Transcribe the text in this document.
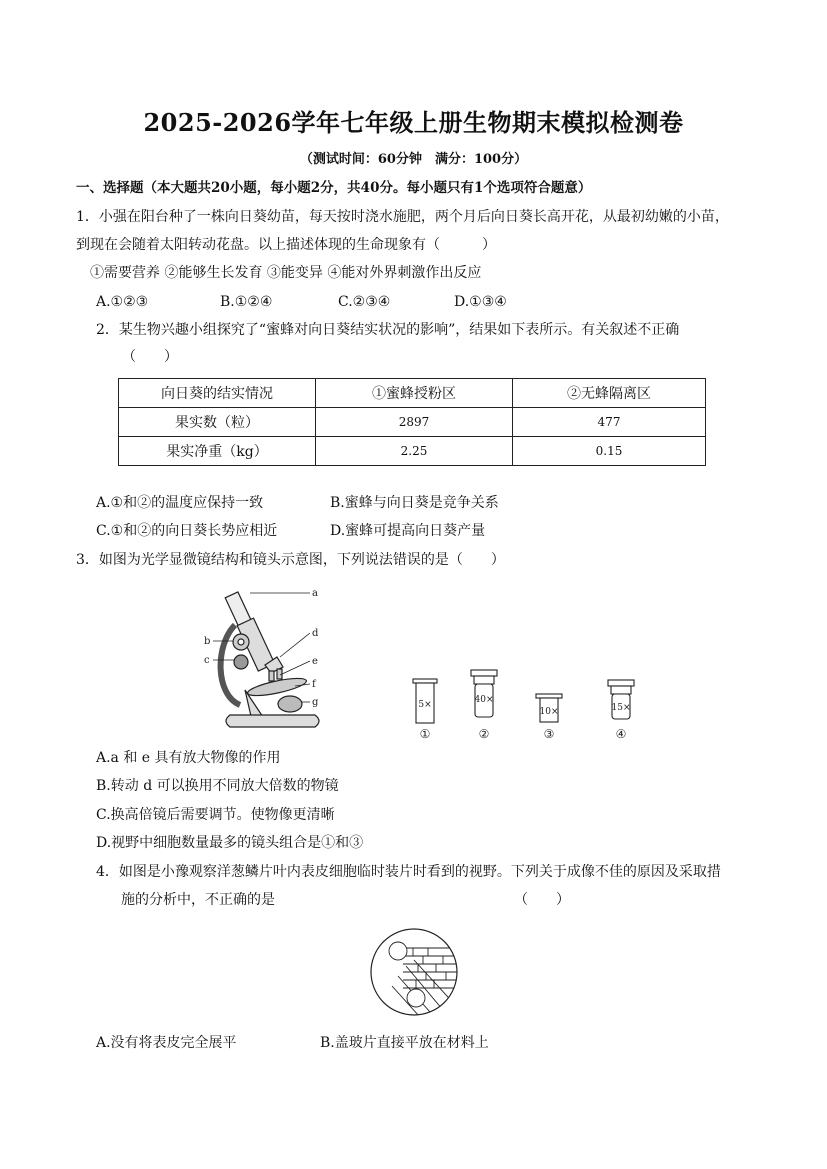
2025-2026学年七年级上册生物期末模拟检测卷
（测试时间：60分钟　满分：100分）
一、选择题（本大题共20小题，每小题2分，共40分。每小题只有1个选项符合题意）
1．小强在阳台种了一株向日葵幼苗，每天按时浇水施肥，两个月后向日葵长高开花，从最初幼嫩的小苗，
到现在会随着太阳转动花盘。以上描述体现的生命现象有（　　　）
①需要营养 ②能够生长发育 ③能变异 ④能对外界刺激作出反应
A.①②③	B.①②④	C.②③④	D.①③④
2．某生物兴趣小组探究了“蜜蜂对向日葵结实状况的影响”，结果如下表所示。有关叙述不正确
（　　）
向日葵的结实情况	①蜜蜂授粉区	②无蜂隔离区
果实数（粒）	2897	477
果实净重（kg）	2.25	0.15
A.①和②的温度应保持一致	B.蜜蜂与向日葵是竞争关系
C.①和②的向日葵长势应相近	D.蜜蜂可提高向日葵产量
3．如图为光学显微镜结构和镜头示意图，下列说法错误的是（　　）
a
b
c
d
e
f
g	5×	40×
10×	15×
①	②	③	④
A.a 和 e 具有放大物像的作用
B.转动 d 可以换用不同放大倍数的物镜
C.换高倍镜后需要调节。使物像更清晰
D.视野中细胞数量最多的镜头组合是①和③
4．如图是小豫观察洋葱鳞片叶内表皮细胞临时装片时看到的视野。下列关于成像不佳的原因及采取措
施的分析中，不正确的是	（　　）
A.没有将表皮完全展平	B.盖玻片直接平放在材料上
